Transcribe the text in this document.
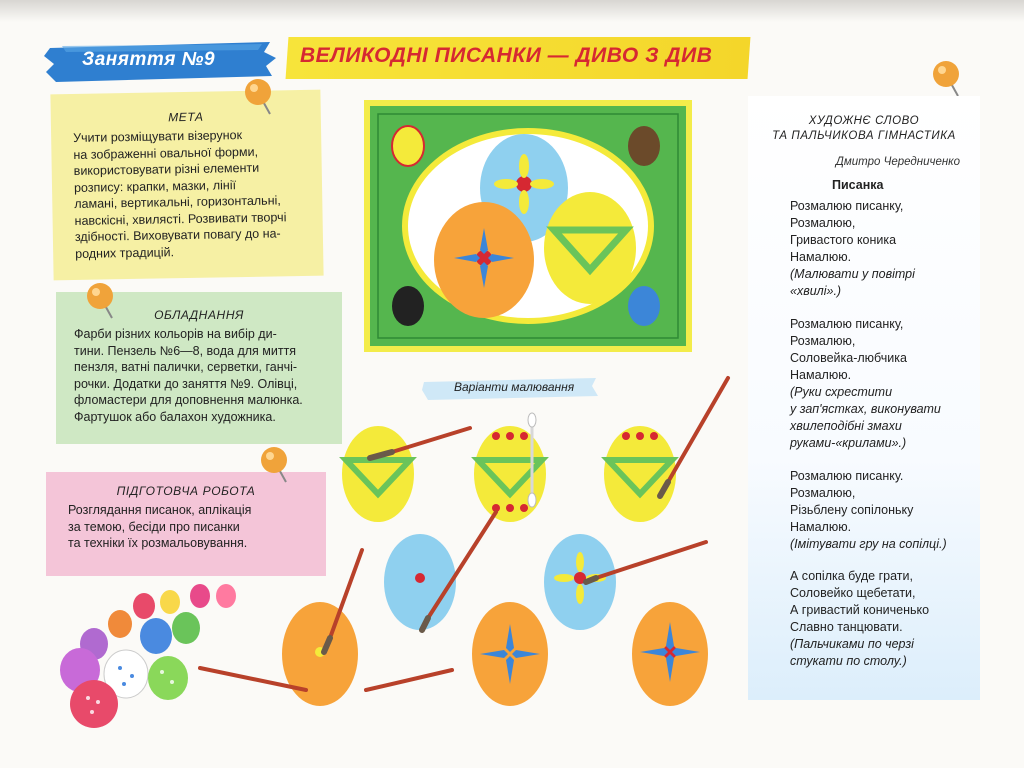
Заняття №9	ВЕЛИКОДНІ ПИСАНКИ — ДИВО З ДИВ
МЕТА
Учити розміщувати візерунок
на зображенні овальної форми,
використовувати різні елементи
розпису: крапки, мазки, лінії
ламані, вертикальні, горизонтальні,
навскісні, хвилясті. Розвивати творчі
здібності. Виховувати повагу до на-
родних традицій.
ОБЛАДНАННЯ
Фарби різних кольорів на вибір ди-
тини. Пензель №6—8, вода для миття
пензля, ватні палички, серветки, ганчі-
рочки. Додатки до заняття №9. Олівці,
фломастери для доповнення малюнка.
Фартушок або балахон художника.
ПІДГОТОВЧА РОБОТА
Розглядання писанок, аплікація
за темою, бесіди про писанки
та техніки їх розмальовування.
Варіанти малювання
ХУДОЖНЄ СЛОВО
ТА ПАЛЬЧИКОВА ГІМНАСТИКА
Дмитро Чередниченко
Писанка
Розмалюю писанку,
Розмалюю,
Гривастого коника
Намалюю.
(Малювати у повітрі
«хвилі».)
Розмалюю писанку,
Розмалюю,
Соловейка-любчика
Намалюю.
(Руки схрестити
у зап'ястках, виконувати
хвилеподібні змахи
руками-«крилами».)
Розмалюю писанку.
Розмалюю,
Різьблену сопілоньку
Намалюю.
(Імітувати гру на сопілці.)
А сопілка буде грати,
Соловейко щебетати,
А гривастий кониченько
Славно танцювати.
(Пальчиками по черзі
стукати по столу.)
